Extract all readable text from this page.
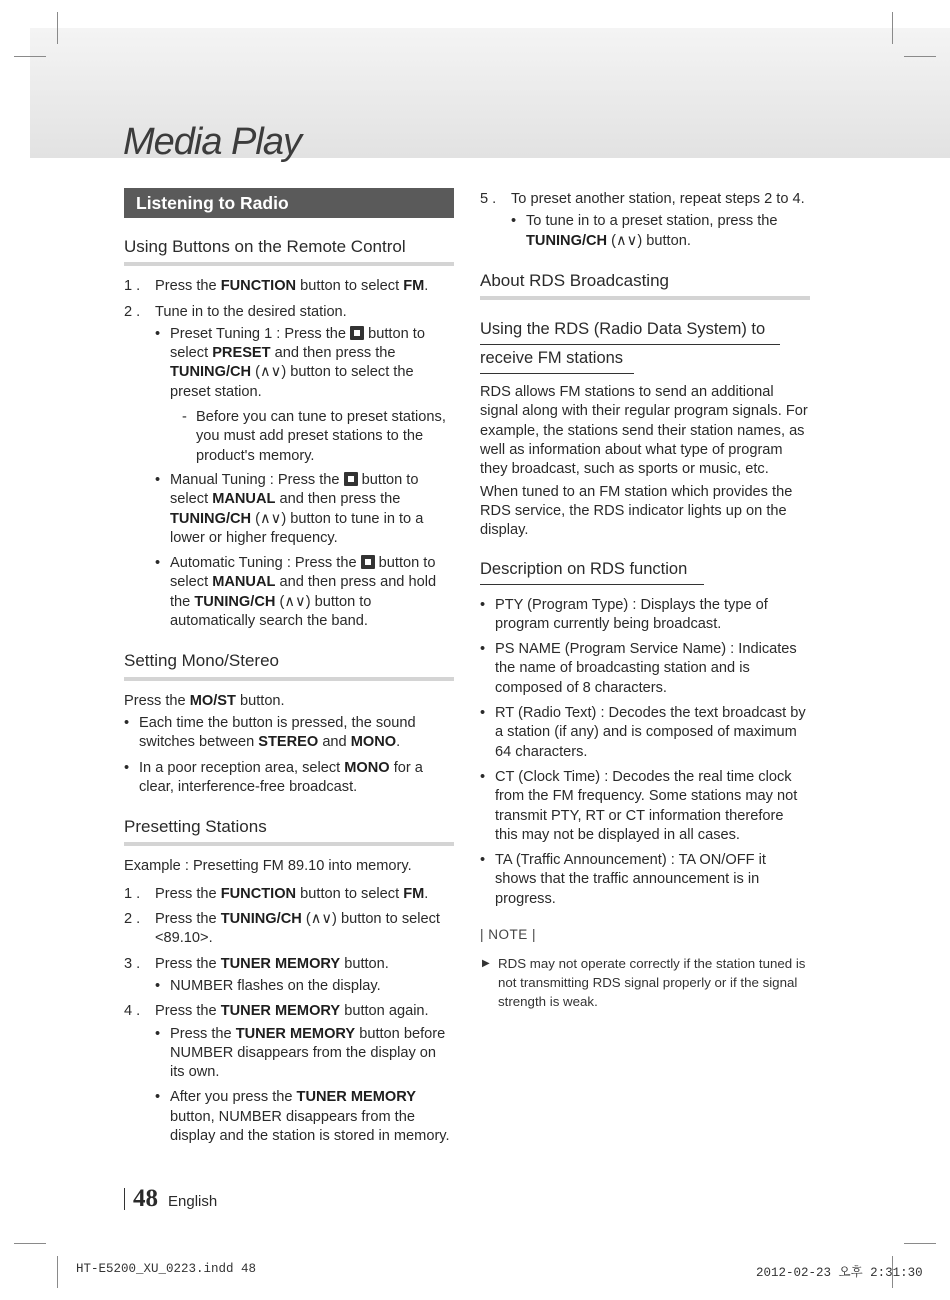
Media Play
Listening to Radio
Using Buttons on the Remote Control
1 . Press the FUNCTION button to select FM.
2 . Tune in to the desired station.
• Preset Tuning 1 : Press the  button to select PRESET and then press the TUNING/CH (∧∨) button to select the preset station.
- Before you can tune to preset stations, you must add preset stations to the product's memory.
• Manual Tuning : Press the  button to select MANUAL and then press the TUNING/CH (∧∨) button to tune in to a lower or higher frequency.
• Automatic Tuning : Press the  button to select MANUAL and then press and hold the TUNING/CH (∧∨) button to automatically search the band.
Setting Mono/Stereo

Press the MO/ST button.

• Each time the button is pressed, the sound switches between STEREO and MONO.
• In a poor reception area, select MONO for a clear, interference-free broadcast.
Presetting Stations

Example : Presetting FM 89.10 into memory.

1 . Press the FUNCTION button to select FM.
2 . Press the TUNING/CH (∧∨) button to select <89.10>.
3 . Press the TUNER MEMORY button.
• NUMBER flashes on the display.
4 . Press the TUNER MEMORY button again.
• Press the TUNER MEMORY button before NUMBER disappears from the display on its own.
• After you press the TUNER MEMORY button, NUMBER disappears from the display and the station is stored in memory.
5 . To preset another station, repeat steps 2 to 4.
• To tune in to a preset station, press the TUNING/CH (∧∨) button.
About RDS Broadcasting
Using the RDS (Radio Data System) to
receive FM stations

RDS allows FM stations to send an additional signal along with their regular program signals. For example, the stations send their station names, as well as information about what type of program they broadcast, such as sports or music, etc.

When tuned to an FM station which provides the RDS service, the RDS indicator lights up on the display.

Description on RDS function
• PTY (Program Type) : Displays the type of program currently being broadcast.
• PS NAME (Program Service Name) : Indicates the name of broadcasting station and is composed of 8 characters.
• RT (Radio Text) : Decodes the text broadcast by a station (if any) and is composed of maximum 64 characters.
• CT (Clock Time) : Decodes the real time clock from the FM frequency. Some stations may not transmit PTY, RT or CT information therefore this may not be displayed in all cases.
• TA (Traffic Announcement) : TA ON/OFF it shows that the traffic announcement is in progress.
| NOTE |
▶ RDS may not operate correctly if the station tuned is not transmitting RDS signal properly or if the signal strength is weak.
48 English
HT-E5200_XU_0223.indd 48	2012-02-23 오후 2:31:30
